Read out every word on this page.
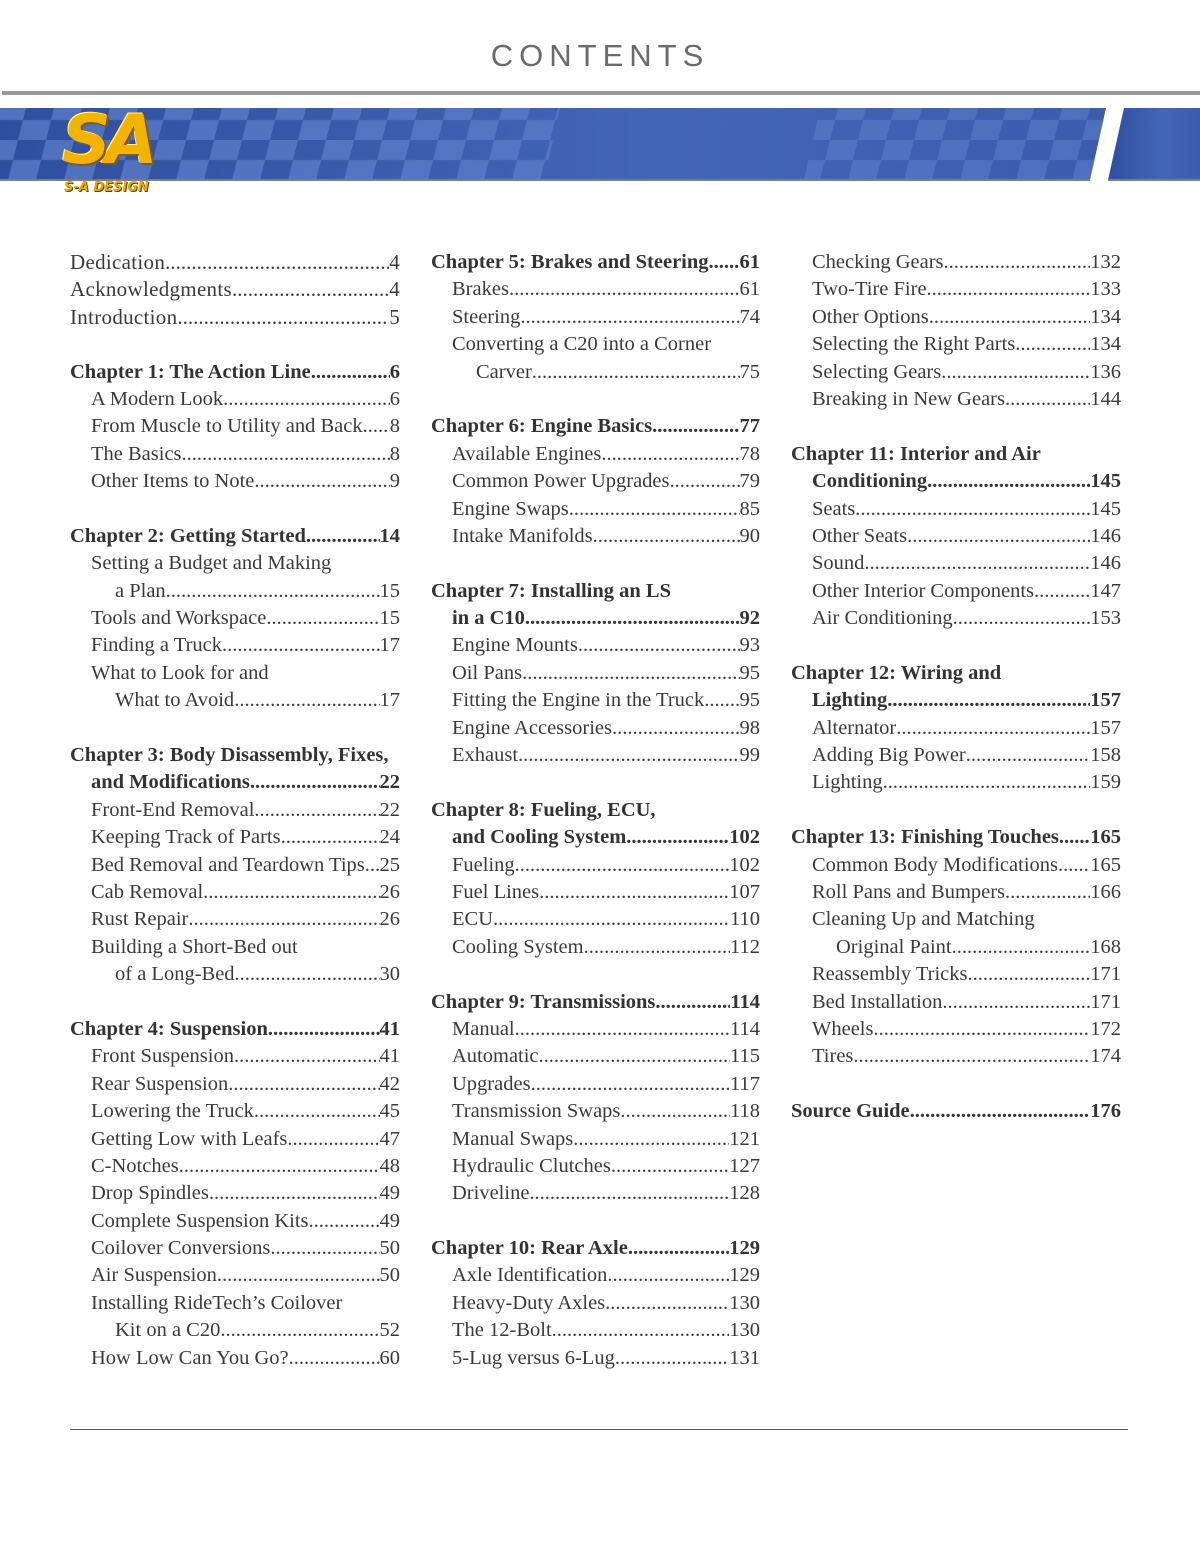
CONTENTS
SA
S-A DESIGN
Dedication .....	4
Acknowledgments .....	4
Introduction .....	5
Chapter 1: The Action Line .....	6
A Modern Look .....	6
From Muscle to Utility and Back ..... 8
The Basics .....	8
Other Items to Note .....	9
Chapter 2: Getting Started .....	14
Setting a Budget and Making
a Plan .....	15
Tools and Workspace .....	15
Finding a Truck .....	17
What to Look for and
What to Avoid .....	17
Chapter 3: Body Disassembly, Fixes,
and Modifications .....	22
Front-End Removal .....	22
Keeping Track of Parts .....	24
Bed Removal and Teardown Tips ..... 25
Cab Removal .....	26
Rust Repair .....	26
Building a Short-Bed out
of a Long-Bed .....	30
Chapter 4: Suspension .....	41
Front Suspension .....	41
Rear Suspension .....	42
Lowering the Truck .....	45
Getting Low with Leafs .....	47
C-Notches .....	48
Drop Spindles .....	49
Complete Suspension Kits .....	49
Coilover Conversions .....	50
Air Suspension .....	50
Installing RideTech’s Coilover
Kit on a C20 .....	52
How Low Can You Go? .....	60
Chapter 5: Brakes and Steering ..... 61
Brakes .....	61
Steering .....	74
Converting a C20 into a Corner
Carver .....	75
Chapter 6: Engine Basics .....	77
Available Engines .....	78
Common Power Upgrades .....	79
Engine Swaps .....	85
Intake Manifolds .....	90
Chapter 7: Installing an LS
in a C10 .....	92
Engine Mounts .....	93
Oil Pans .....	95
Fitting the Engine in the Truck ..... 95
Engine Accessories .....	98
Exhaust .....	99
Chapter 8: Fueling, ECU,
and Cooling System .....	102
Fueling .....	102
Fuel Lines .....	107
ECU .....	110
Cooling System .....	112
Chapter 9: Transmissions .....	114
Manual .....	114
Automatic .....	115
Upgrades .....	117
Transmission Swaps .....	118
Manual Swaps .....	121
Hydraulic Clutches .....	127
Driveline .....	128
Chapter 10: Rear Axle .....	129
Axle Identification .....	129
Heavy-Duty Axles .....	130
The 12-Bolt .....	130
5-Lug versus 6-Lug .....	131
Checking Gears .....	132
Two-Tire Fire .....	133
Other Options .....	134
Selecting the Right Parts .....	134
Selecting Gears .....	136
Breaking in New Gears .....	144
Chapter 11: Interior and Air
Conditioning .....	145
Seats .....	145
Other Seats .....	146
Sound .....	146
Other Interior Components .....	147
Air Conditioning .....	153
Chapter 12: Wiring and
Lighting .....	157
Alternator .....	157
Adding Big Power .....	158
Lighting .....	159
Chapter 13: Finishing Touches ..... 165
Common Body Modifications ..... 165
Roll Pans and Bumpers .....	166
Cleaning Up and Matching
Original Paint .....	168
Reassembly Tricks .....	171
Bed Installation .....	171
Wheels .....	172
Tires .....	174
Source Guide .....	176
